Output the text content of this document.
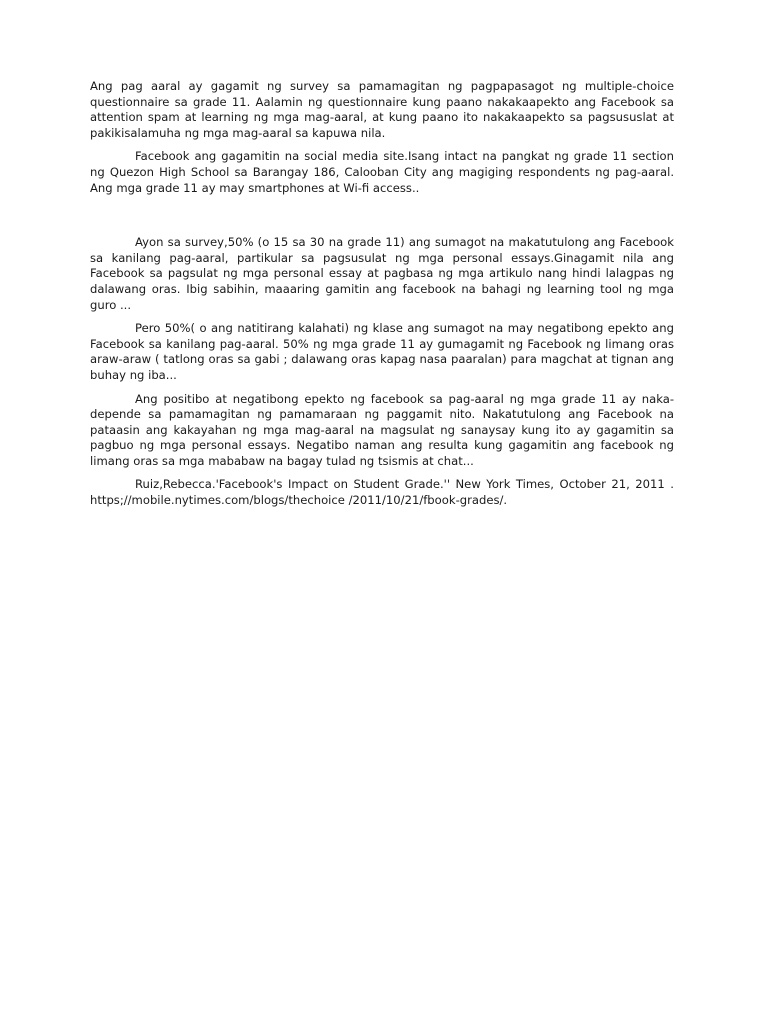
Ang pag aaral ay gagamit ng survey sa pamamagitan ng pagpapasagot ng multiple-choice questionnaire sa grade 11. Aalamin ng questionnaire kung paano nakakaapekto ang Facebook sa attention spam at learning ng mga mag-aaral, at kung paano ito nakakaapekto sa pagsususlat at pakikisalamuha ng mga mag-aaral sa kapuwa nila.

Facebook ang gagamitin na social media site.Isang intact na pangkat ng grade 11 section ng Quezon High School sa Barangay 186, Calooban City ang magiging respondents ng pag-aaral. Ang mga grade 11 ay may smartphones at Wi-fi access..

Ayon sa survey,50% (o 15 sa 30 na grade 11) ang sumagot na makatutulong ang Facebook sa kanilang pag-aaral, partikular sa pagsusulat ng mga personal essays.Ginagamit nila ang Facebook sa pagsulat ng mga personal essay at pagbasa ng mga artikulo nang hindi lalagpas ng dalawang oras. Ibig sabihin, maaaring gamitin ang facebook na bahagi ng learning tool ng mga guro ...

Pero 50%( o ang natitirang kalahati) ng klase ang sumagot na may negatibong epekto ang Facebook sa kanilang pag-aaral. 50% ng mga grade 11 ay gumagamit ng Facebook ng limang oras araw-araw ( tatlong oras sa gabi ; dalawang oras kapag nasa paaralan) para magchat at tignan ang buhay ng iba...

Ang positibo at negatibong epekto ng facebook sa pag-aaral ng mga grade 11 ay naka-depende sa pamamagitan ng pamamaraan ng paggamit nito. Nakatutulong ang Facebook na pataasin ang kakayahan ng mga mag-aaral na magsulat ng sanaysay kung ito ay gagamitin sa pagbuo ng mga personal essays. Negatibo naman ang resulta kung gagamitin ang facebook ng limang oras sa mga mababaw na bagay tulad ng tsismis at chat...

Ruiz,Rebecca.'Facebook's Impact on Student Grade.'' New York Times, October 21, 2011 . https;//mobile.nytimes.com/blogs/thechoice /2011/10/21/fbook-grades/.
